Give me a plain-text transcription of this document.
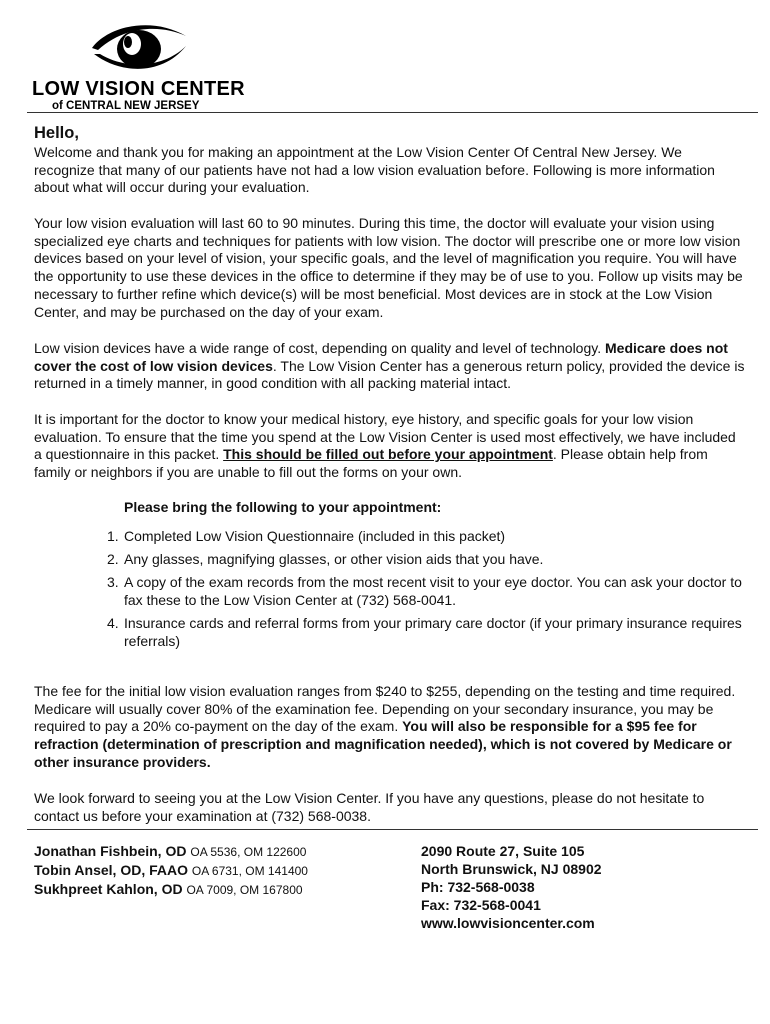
LOW VISION CENTER
of CENTRAL NEW JERSEY
Hello,

Welcome and thank you for making an appointment at the Low Vision Center Of Central New Jersey. We recognize that many of our patients have not had a low vision evaluation before. Following is more information about what will occur during your evaluation.

Your low vision evaluation will last 60 to 90 minutes. During this time, the doctor will evaluate your vision using specialized eye charts and techniques for patients with low vision. The doctor will prescribe one or more low vision devices based on your level of vision, your specific goals, and the level of magnification you require. You will have the opportunity to use these devices in the office to determine if they may be of use to you. Follow up visits may be necessary to further refine which device(s) will be most beneficial. Most devices are in stock at the Low Vision Center, and may be purchased on the day of your exam.

Low vision devices have a wide range of cost, depending on quality and level of technology. Medicare does not cover the cost of low vision devices. The Low Vision Center has a generous return policy, provided the device is returned in a timely manner, in good condition with all packing material intact.

It is important for the doctor to know your medical history, eye history, and specific goals for your low vision evaluation. To ensure that the time you spend at the Low Vision Center is used most effectively, we have included a questionnaire in this packet. This should be filled out before your appointment. Please obtain help from family or neighbors if you are unable to fill out the forms on your own.

Please bring the following to your appointment:
1. Completed Low Vision Questionnaire (included in this packet)
2. Any glasses, magnifying glasses, or other vision aids that you have.
3. A copy of the exam records from the most recent visit to your eye doctor. You can ask your doctor to fax these to the Low Vision Center at (732) 568-0041.
4. Insurance cards and referral forms from your primary care doctor (if your primary insurance requires referrals)

The fee for the initial low vision evaluation ranges from $240 to $255, depending on the testing and time required. Medicare will usually cover 80% of the examination fee. Depending on your secondary insurance, you may be required to pay a 20% co-payment on the day of the exam. You will also be responsible for a $95 fee for refraction (determination of prescription and magnification needed), which is not covered by Medicare or other insurance providers.

We look forward to seeing you at the Low Vision Center. If you have any questions, please do not hesitate to contact us before your examination at (732) 568-0038.

Jonathan Fishbein, OD OA 5536, OM 122600
Tobin Ansel, OD, FAAO OA 6731, OM 141400
Sukhpreet Kahlon, OD OA 7009, OM 167800
2090 Route 27, Suite 105
North Brunswick, NJ 08902
Ph: 732-568-0038
Fax: 732-568-0041
www.lowvisioncenter.com
